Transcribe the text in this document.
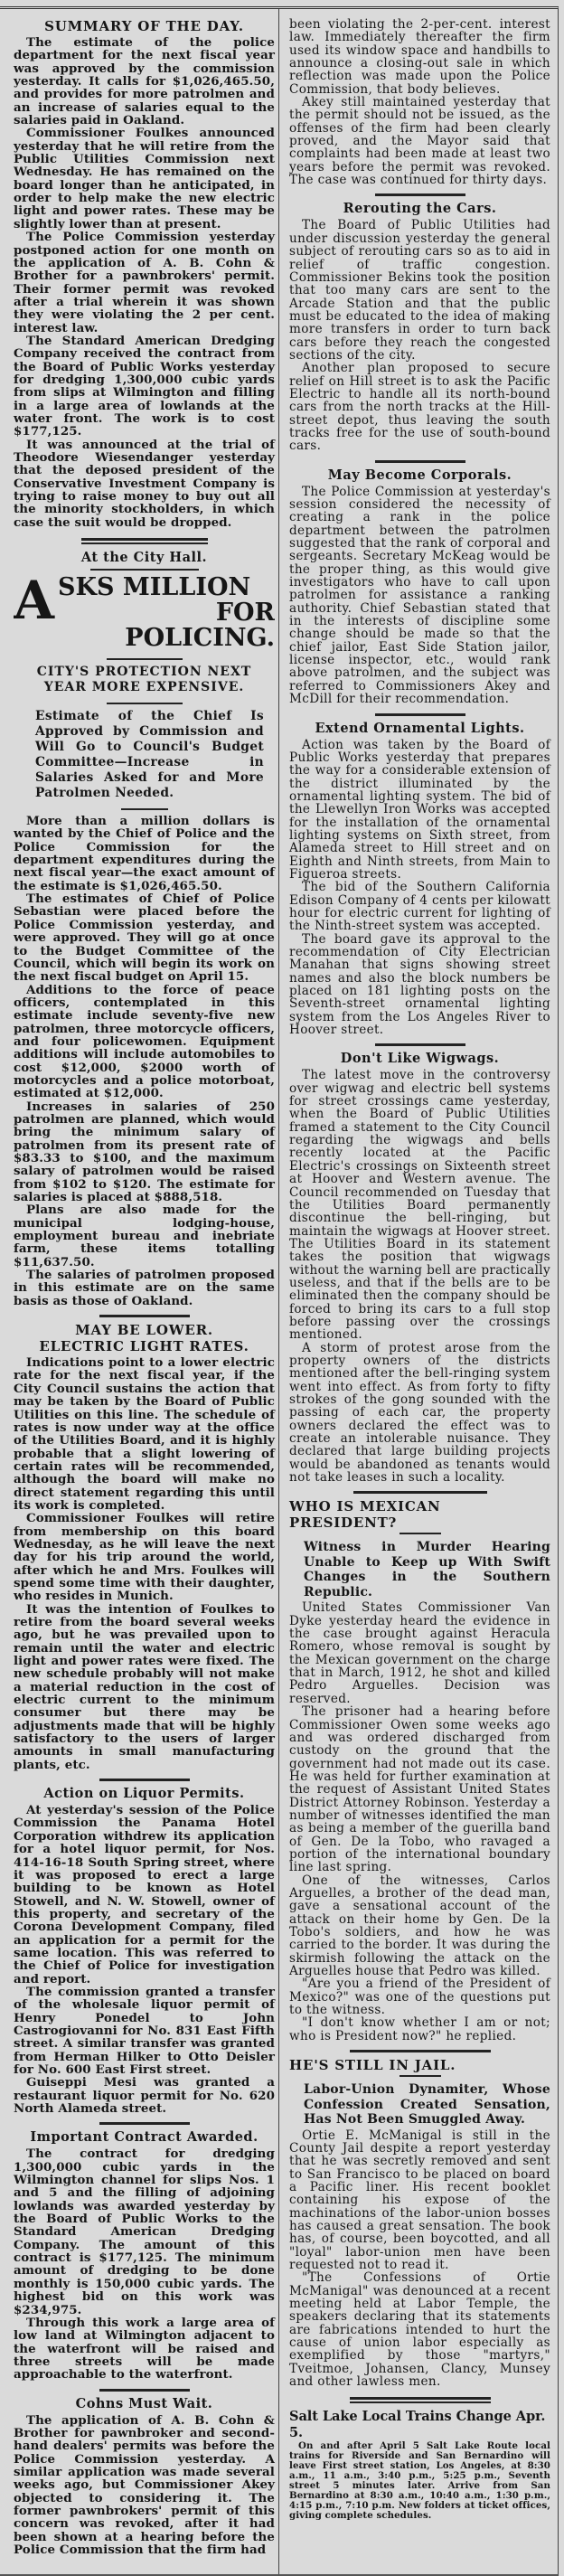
SUMMARY OF THE DAY.

The estimate of the police department for the next fiscal year was approved by the commission yesterday. It calls for $1,026,465.50, and provides for more patrolmen and an increase of salaries equal to the salaries paid in Oakland.

Commissioner Foulkes announced yesterday that he will retire from the Public Utilities Commission next Wednesday. He has remained on the board longer than he anticipated, in order to help make the new electric light and power rates. These may be slightly lower than at present.

The Police Commission yesterday postponed action for one month on the application of A. B. Cohn & Brother for a pawnbrokers' permit. Their former permit was revoked after a trial wherein it was shown they were violating the 2 per cent. interest law.

The Standard American Dredging Company received the contract from the Board of Public Works yesterday for dredging 1,300,000 cubic yards from slips at Wilmington and filling in a large area of lowlands at the water front. The work is to cost $177,125.

It was announced at the trial of Theodore Wiesendanger yesterday that the deposed president of the Conservative Investment Company is trying to raise money to buy out all the minority stockholders, in which case the suit would be dropped.

At the City Hall.
A SKS MILLION
FOR POLICING.
CITY'S PROTECTION NEXT YEAR MORE EXPENSIVE.
Estimate of the Chief Is Approved by Commission and Will Go to Council's Budget Committee—Increase in Salaries Asked for and More Patrolmen Needed.

More than a million dollars is wanted by the Chief of Police and the Police Commission for the department expenditures during the next fiscal year—the exact amount of the estimate is $1,026,465.50.

The estimates of Chief of Police Sebastian were placed before the Police Commission yesterday, and were approved. They will go at once to the Budget Committee of the Council, which will begin its work on the next fiscal budget on April 15.

Additions to the force of peace officers, contemplated in this estimate include seventy-five new patrolmen, three motorcycle officers, and four policewomen. Equipment additions will include automobiles to cost $12,000, $2000 worth of motorcycles and a police motorboat, estimated at $12,000.

Increases in salaries of 250 patrolmen are planned, which would bring the minimum salary of patrolmen from its present rate of $83.33 to $100, and the maximum salary of patrolmen would be raised from $102 to $120. The estimate for salaries is placed at $888,518.

Plans are also made for the municipal lodging-house, employment bureau and inebriate farm, these items totalling $11,637.50.

The salaries of patrolmen proposed in this estimate are on the same basis as those of Oakland.

MAY BE LOWER.
ELECTRIC LIGHT RATES.

Indications point to a lower electric rate for the next fiscal year, if the City Council sustains the action that may be taken by the Board of Public Utilities on this line. The schedule of rates is now under way at the office of the Utilities Board, and it is highly probable that a slight lowering of certain rates will be recommended, although the board will make no direct statement regarding this until its work is completed.

Commissioner Foulkes will retire from membership on this board Wednesday, as he will leave the next day for his trip around the world, after which he and Mrs. Foulkes will spend some time with their daughter, who resides in Munich.

It was the intention of Foulkes to retire from the board several weeks ago, but he was prevailed upon to remain until the water and electric light and power rates were fixed. The new schedule probably will not make a material reduction in the cost of electric current to the minimum consumer but there may be adjustments made that will be highly satisfactory to the users of larger amounts in small manufacturing plants, etc.

Action on Liquor Permits.

At yesterday's session of the Police Commission the Panama Hotel Corporation withdrew its application for a hotel liquor permit, for Nos. 414-16-18 South Spring street, where it was proposed to erect a large building to be known as Hotel Stowell, and N. W. Stowell, owner of this property, and secretary of the Corona Development Company, filed an application for a permit for the same location. This was referred to the Chief of Police for investigation and report.

The commission granted a transfer of the wholesale liquor permit of Henry Ponedel to John Castrogiovanni for No. 831 East Fifth street. A similar transfer was granted from Herman Hilker to Otto Deisler for No. 600 East First street.

Guiseppi Mesi was granted a restaurant liquor permit for No. 620 North Alameda street.

Important Contract Awarded.

The contract for dredging 1,300,000 cubic yards in the Wilmington channel for slips Nos. 1 and 5 and the filling of adjoining lowlands was awarded yesterday by the Board of Public Works to the Standard American Dredging Company. The amount of this contract is $177,125. The minimum amount of dredging to be done monthly is 150,000 cubic yards. The highest bid on this work was $234,975.

Through this work a large area of low land at Wilmington adjacent to the waterfront will be raised and three streets will be made approachable to the waterfront.

Cohns Must Wait.

The application of A. B. Cohn & Brother for pawnbroker and second-hand dealers' permits was before the Police Commission yesterday. A similar application was made several weeks ago, but Commissioner Akey objected to considering it. The former pawnbrokers' permit of this concern was revoked, after it had been shown at a hearing before the Police Commission that the firm had

been violating the 2-per-cent. interest law. Immediately thereafter the firm used its window space and handbills to announce a closing-out sale in which reflection was made upon the Police Commission, that body believes.

Akey still maintained yesterday that the permit should not be issued, as the offenses of the firm had been clearly proved, and the Mayor said that complaints had been made at least two years before the permit was revoked. The case was continued for thirty days.

Rerouting the Cars.

The Board of Public Utilities had under discussion yesterday the general subject of rerouting cars so as to aid in relief of traffic congestion. Commissioner Bekins took the position that too many cars are sent to the Arcade Station and that the public must be educated to the idea of making more transfers in order to turn back cars before they reach the congested sections of the city.

Another plan proposed to secure relief on Hill street is to ask the Pacific Electric to handle all its north-bound cars from the north tracks at the Hill-street depot, thus leaving the south tracks free for the use of south-bound cars.

May Become Corporals.

The Police Commission at yesterday's session considered the necessity of creating a rank in the police department between the patrolmen suggested that the rank of corporal and sergeants. Secretary McKeag would be the proper thing, as this would give investigators who have to call upon patrolmen for assistance a ranking authority. Chief Sebastian stated that in the interests of discipline some change should be made so that the chief jailor, East Side Station jailor, license inspector, etc., would rank above patrolmen, and the subject was referred to Commissioners Akey and McDill for their recommendation.

Extend Ornamental Lights.

Action was taken by the Board of Public Works yesterday that prepares the way for a considerable extension of the district illuminated by the ornamental lighting system. The bid of the Llewellyn Iron Works was accepted for the installation of the ornamental lighting systems on Sixth street, from Alameda street to Hill street and on Eighth and Ninth streets, from Main to Figueroa streets.

The bid of the Southern California Edison Company of 4 cents per kilowatt hour for electric current for lighting of the Ninth-street system was accepted.

The board gave its approval to the recommendation of City Electrician Manahan that signs showing street names and also the block numbers be placed on 181 lighting posts on the Seventh-street ornamental lighting system from the Los Angeles River to Hoover street.

Don't Like Wigwags.

The latest move in the controversy over wigwag and electric bell systems for street crossings came yesterday, when the Board of Public Utilities framed a statement to the City Council regarding the wigwags and bells recently located at the Pacific Electric's crossings on Sixteenth street at Hoover and Western avenue. The Council recommended on Tuesday that the Utilities Board permanently discontinue the bell-ringing, but maintain the wigwags at Hoover street. The Utilities Board in its statement takes the position that wigwags without the warning bell are practically useless, and that if the bells are to be eliminated then the company should be forced to bring its cars to a full stop before passing over the crossings mentioned.

A storm of protest arose from the property owners of the districts mentioned after the bell-ringing system went into effect. As from forty to fifty strokes of the gong sounded with the passing of each car, the property owners declared the effect was to create an intolerable nuisance. They declared that large building projects would be abandoned as tenants would not take leases in such a locality.

WHO IS MEXICAN PRESIDENT?
Witness in Murder Hearing Unable to Keep up With Swift Changes in the Southern Republic.

United States Commissioner Van Dyke yesterday heard the evidence in the case brought against Heracula Romero, whose removal is sought by the Mexican government on the charge that in March, 1912, he shot and killed Pedro Arguelles. Decision was reserved.

The prisoner had a hearing before Commissioner Owen some weeks ago and was ordered discharged from custody on the ground that the government had not made out its case. He was held for further examination at the request of Assistant United States District Attorney Robinson. Yesterday a number of witnesses identified the man as being a member of the guerilla band of Gen. De la Tobo, who ravaged a portion of the international boundary line last spring.

One of the witnesses, Carlos Arguelles, a brother of the dead man, gave a sensational account of the attack on their home by Gen. De la Tobo's soldiers, and how he was carried to the border. It was during the skirmish following the attack on the Arguelles house that Pedro was killed.

"Are you a friend of the President of Mexico?" was one of the questions put to the witness.

"I don't know whether I am or not; who is President now?" he replied.

HE'S STILL IN JAIL.
Labor-Union Dynamiter, Whose Confession Created Sensation, Has Not Been Smuggled Away.

Ortie E. McManigal is still in the County Jail despite a report yesterday that he was secretly removed and sent to San Francisco to be placed on board a Pacific liner. His recent booklet containing his expose of the machinations of the labor-union bosses has caused a great sensation. The book has, of course, been boycotted, and all "loyal" labor-union men have been requested not to read it.

"The Confessions of Ortie McManigal" was denounced at a recent meeting held at Labor Temple, the speakers declaring that its statements are fabrications intended to hurt the cause of union labor especially as exemplified by those "martyrs," Tveitmoe, Johansen, Clancy, Munsey and other lawless men.

Salt Lake Local Trains Change Apr. 5.

On and after April 5 Salt Lake Route local trains for Riverside and San Bernardino will leave First street station, Los Angeles, at 8:30 a.m., 11 a.m., 3:40 p.m., 5:25 p.m., Seventh street 5 minutes later. Arrive from San Bernardino at 8:30 a.m., 10:40 a.m., 1:30 p.m., 4:15 p.m., 7:10 p.m. New folders at ticket offices, giving complete schedules.
